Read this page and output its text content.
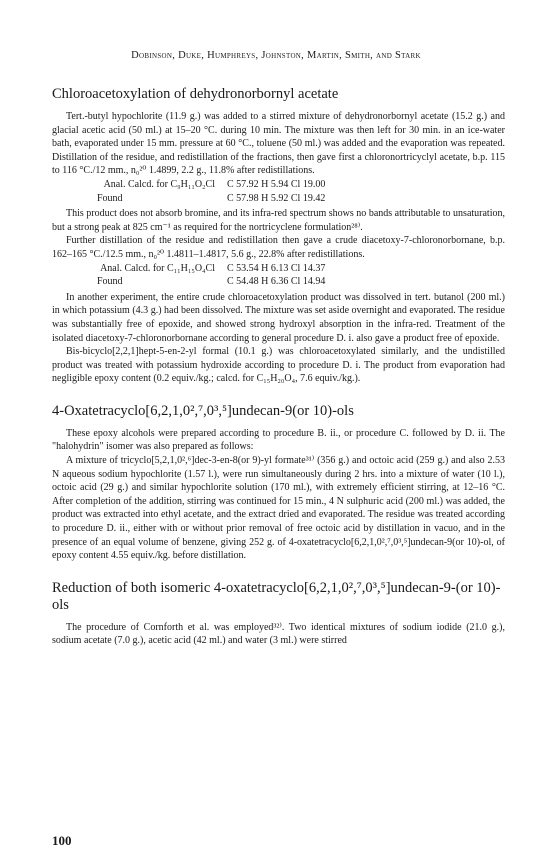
Dobinson, Duke, Humphreys, Johnston, Martin, Smith, and Stark
Chloroacetoxylation of dehydronorbornyl acetate

Tert.-butyl hypochlorite (11.9 g.) was added to a stirred mixture of dehydronorbornyl acetate (15.2 g.) and glacial acetic acid (50 ml.) at 15–20 °C. during 10 min. The mixture was then left for 30 min. in an ice-water bath, evaporated under 15 mm. pressure at 60 °C., toluene (50 ml.) was added and the evaporation was repeated. Distillation of the residue, and redistillation of the fractions, then gave first a chloronortricyclyl acetate, b.p. 115 to 116 °C./12 mm., n₀²⁰ 1.4899, 2.2 g., 11.8% after redistillations.

Anal. Calcd. for C₉H₁₁O₂Cl	C 57.92 H 5.94 Cl 19.00
Found	C 57.98 H 5.92 Cl 19.42

This product does not absorb bromine, and its infra-red spectrum shows no bands attributable to unsaturation, but a strong peak at 825 cm⁻¹ as required for the nortricyclene formulation²⁸⁾.

Further distillation of the residue and redistillation then gave a crude diacetoxy-7-chloronorbornane, b.p. 162–165 °C./12.5 mm., n₀²⁰ 1.4811–1.4817, 5.6 g., 22.8% after redistillations.

Anal. Calcd. for C₁₁H₁₅O₄Cl	C 53.54 H 6.13 Cl 14.37
Found	C 54.48 H 6.36 Cl 14.94

In another experiment, the entire crude chloroacetoxylation product was dissolved in tert. butanol (200 ml.) in which potassium (4.3 g.) had been dissolved. The mixture was set aside overnight and evaporated. The residue was substantially free of epoxide, and showed strong hydroxyl absorption in the infra-red. Treatment of the isolated diacetoxy-7-chloronorbornane according to general procedure D. i. also gave a product free of epoxide.

Bis-bicyclo[2,2,1]hept-5-en-2-yl formal (10.1 g.) was chloroacetoxylated similarly, and the undistilled product was treated with potassium hydroxide according to procedure D. i. The product from evaporation had negligible epoxy content (0.2 equiv./kg.; calcd. for C₁₅H₂₀O₄, 7.6 equiv./kg.).

4-Oxatetracyclo[6,2,1,0²,⁷,0³,⁵]undecan-9(or 10)-ols

These epoxy alcohols were prepared according to procedure B. ii., or procedure C. followed by D. ii. The "halohydrin" isomer was also prepared as follows:

A mixture of tricyclo[5,2,1,0²,⁶]dec-3-en-8(or 9)-yl formate³¹⁾ (356 g.) and octoic acid (259 g.) and also 2.53 N aqueous sodium hypochlorite (1.57 l.), were run simultaneously during 2 hrs. into a mixture of water (10 l.), octoic acid (29 g.) and similar hypochlorite solution (170 ml.), with extremely efficient stirring, at 12–16 °C. After completion of the addition, stirring was continued for 15 min., 4 N sulphuric acid (200 ml.) was added, the product was extracted into ethyl acetate, and the extract dried and evaporated. The residue was treated according to procedure D. ii., either with or without prior removal of free octoic acid by distillation in vacuo, and in the presence of an equal volume of benzene, giving 252 g. of 4-oxatetracyclo[6,2,1,0²,⁷,0³,⁵]undecan-9(or 10)-ol, of epoxy content 4.55 equiv./kg. before distillation.

Reduction of both isomeric 4-oxatetracyclo[6,2,1,0²,⁷,0³,⁵]undecan-9-(or 10)-ols

The procedure of Cornforth et al. was employed³²⁾. Two identical mixtures of sodium iodide (21.0 g.), sodium acetate (7.0 g.), acetic acid (42 ml.) and water (3 ml.) were stirred

100
